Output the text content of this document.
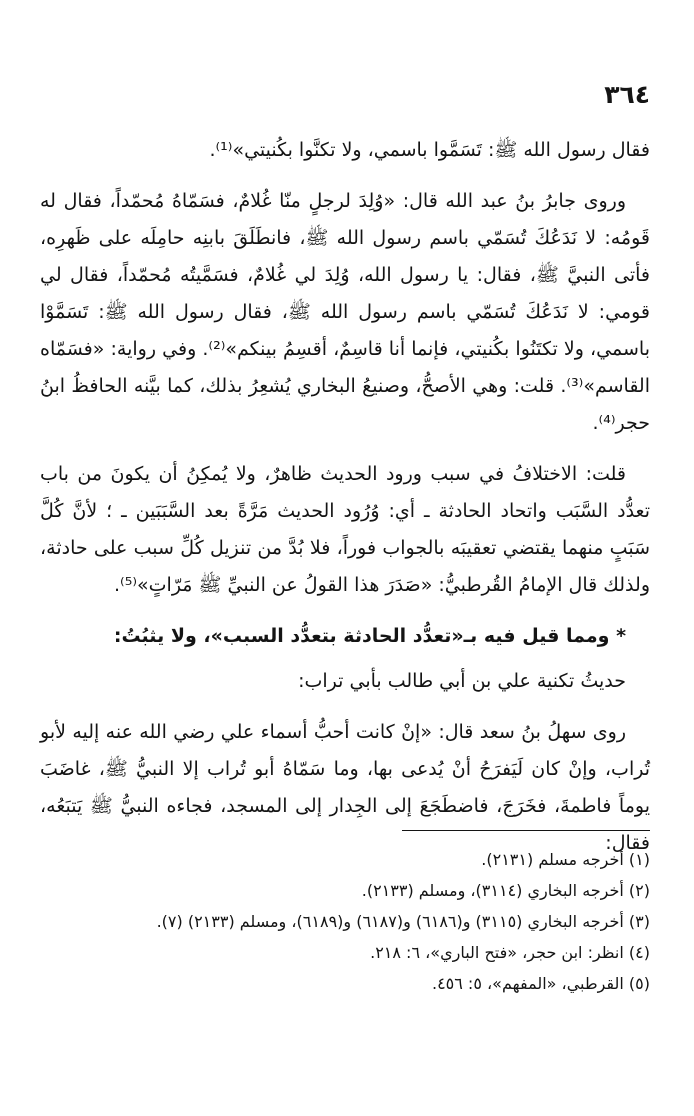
٣٦٤

فقال رسول الله ﷺ: تَسَمَّوا باسمي، ولا تكنَّوا بكُنيتي»⁽¹⁾.

وروى جابرُ بنُ عبد الله قال: «وُلِدَ لرجلٍ منّا غُلامٌ، فسَمّاهُ مُحمّداً، فقال له قَومُه: لا نَدَعُكَ تُسَمّي باسم رسول الله ﷺ، فانطَلَقَ بابنِه حامِلَه على ظَهرِه، فأتى النبيَّ ﷺ، فقال: يا رسول الله، وُلِدَ لي غُلامٌ، فسَمَّيتُه مُحمّداً، فقال لي قومي: لا نَدَعُكَ تُسَمّي باسم رسول الله ﷺ، فقال رسول الله ﷺ: تَسَمَّوْا باسمي، ولا تكتَنُوا بكُنيتي، فإنما أنا قاسِمٌ، أقسِمُ بينكم»⁽²⁾. وفي رواية: «فسَمّاه القاسم»⁽³⁾. قلت: وهي الأصحُّ، وصنيعُ البخاري يُشعِرُ بذلك، كما بيَّنه الحافظُ ابنُ حجر⁽⁴⁾.

قلت: الاختلافُ في سبب ورود الحديث ظاهرٌ، ولا يُمكِنُ أن يكونَ من باب تعدُّد السَّبَب واتحاد الحادثة ـ أي: وُرُود الحديث مَرَّةً بعد السَّبَبَين ـ ؛ لأنَّ كُلَّ سَبَبٍ منهما يقتضي تعقيبَه بالجواب فوراً، فلا بُدَّ من تنزيل كُلِّ سبب على حادثة، ولذلك قال الإمامُ القُرطبيُّ: «صَدَرَ هذا القولُ عن النبيِّ ﷺ مَرّاتٍ»⁽⁵⁾.

* ومما قيل فيه بـ«تعدُّد الحادثة بتعدُّد السبب»، ولا يثبُتُ:

حديثُ تكنية علي بن أبي طالب بأبي تراب:

روى سهلُ بنُ سعد قال: «إنْ كانت أحبُّ أسماء علي رضي الله عنه إليه لأبو تُراب، وإنْ كان لَيَفرَحُ أنْ يُدعى بها، وما سَمّاهُ أبو تُراب إلا النبيُّ ﷺ، غاضَبَ يوماً فاطمةَ، فخَرَجَ، فاضطَجَعَ إلى الجِدار إلى المسجد، فجاءه النبيُّ ﷺ يَتبَعُه، فقال:

(١) أخرجه مسلم (٢١٣١).
(٢) أخرجه البخاري (٣١١٤)، ومسلم (٢١٣٣).
(٣) أخرجه البخاري (٣١١٥) و(٦١٨٦) و(٦١٨٧) و(٦١٨٩)، ومسلم (٢١٣٣) (٧).
(٤) انظر: ابن حجر، «فتح الباري»، ٦: ٢١٨.
(٥) القرطبي، «المفهم»، ٥: ٤٥٦.
